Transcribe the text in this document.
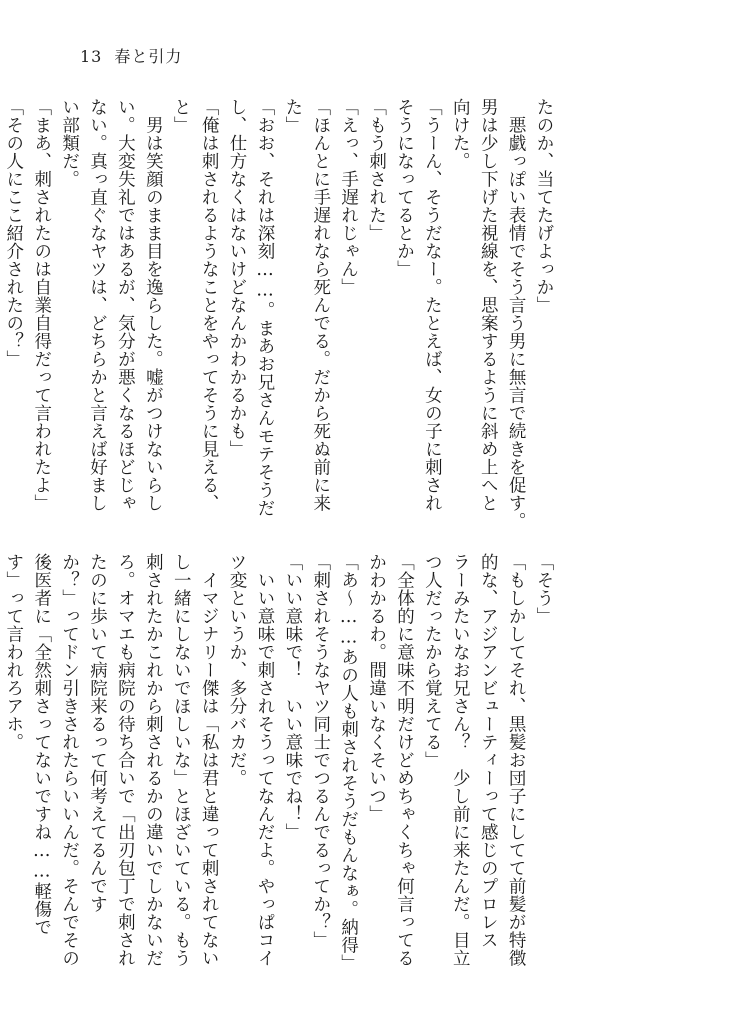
13 春と引力

たのか、当てたげよっか」

　悪戯っぽい表情でそう言う男に無言で続きを促す。

男は少し下げた視線を、思案するように斜め上へと

向けた。

「うーん、そうだなー。たとえば、女の子に刺され

そうになってるとか」

「もう刺された」

「えっ、手遅れじゃん」

「ほんとに手遅れなら死んでる。だから死ぬ前に来

た」

「おお、それは深刻……。まあお兄さんモテそうだ

し、仕方なくはないけどなんかわかるかも」

「俺は刺されるようなことをやってそうに見える、

と」

　男は笑顔のまま目を逸らした。嘘がつけないらし

い。大変失礼ではあるが、気分が悪くなるほどじゃ

ない。真っ直ぐなヤツは、どちらかと言えば好まし

い部類だ。

「まあ、刺されたのは自業自得だって言われたよ」

「その人にここ紹介されたの？」

「そう」

「もしかしてそれ、黒髪お団子にしてて前髪が特徴

的な、アジアンビューティーって感じのプロレス

ラーみたいなお兄さん？　少し前に来たんだ。目立

つ人だったから覚えてる」

「全体的に意味不明だけどめちゃくちゃ何言ってる

かわかるわ。間違いなくそいつ」

「あ〜……あの人も刺されそうだもんなぁ。納得」

「刺されそうなヤツ同士でつるんでるってか？」

「いい意味で！　いい意味でね！」

　いい意味で刺されそうってなんだよ。やっぱコイ

ツ変というか、多分バカだ。

　イマジナリー傑は「私は君と違って刺されてない

し一緒にしないでほしいな」とほざいている。もう

刺されたかこれから刺されるかの違いでしかないだ

ろ。オマエも病院の待ち合いで「出刃包丁で刺され

たのに歩いて病院来るって何考えてるんです

か？」ってドン引きされたらいいんだ。そんでその

後医者に「全然刺さってないですね……軽傷で

す」って言われろアホ。
